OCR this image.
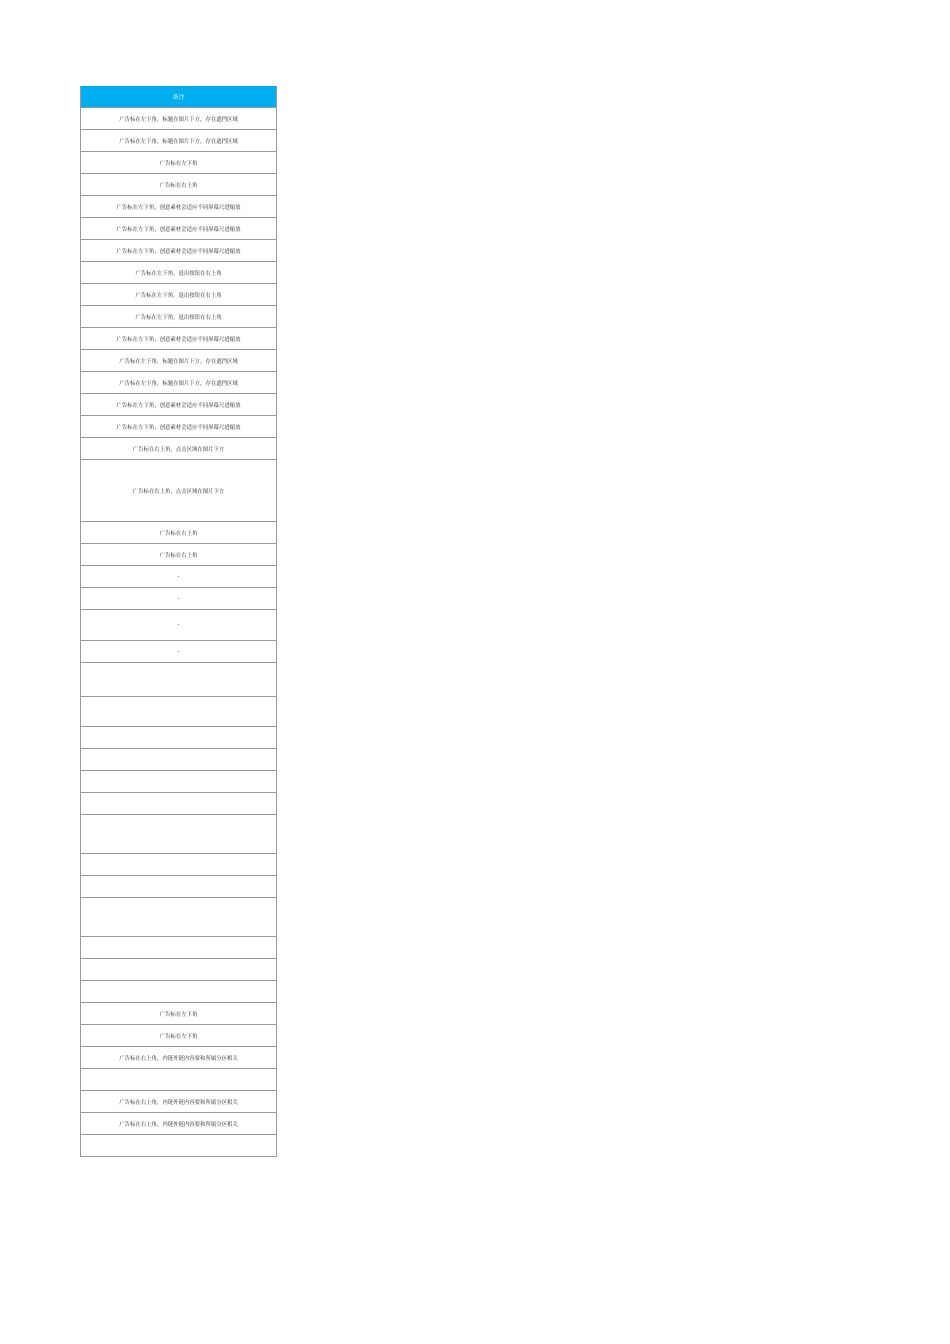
备注
广告标在左下角，标题在图片下方，存在遮挡区域
广告标在左下角，标题在图片下方，存在遮挡区域
广告标在左下角
广告标在右上角
广告标在左下角，创意素材会适应不同屏幕尺进缩放
广告标在左下角，创意素材会适应不同屏幕尺进缩放
广告标在左下角，创意素材会适应不同屏幕尺进缩放
广告标在左下角，退出按钮在右上角
广告标在左下角，退出按钮在右上角
广告标在左下角，退出按钮在右上角
广告标在左下角，创意素材会适应不同屏幕尺进缩放
广告标在左下角，标题在图片下方，存在遮挡区域
广告标在左下角，标题在图片下方，存在遮挡区域
广告标在左下角，创意素材会适应不同屏幕尺进缩放
广告标在左下角，创意素材会适应不同屏幕尺进缩放
广告标在右上角，点击区域在图片下方
广告标在右上角，点击区域在图片下方
广告标在右上角
广告标在右上角
-
-
-
-
广告标在左下角
广告标在左下角
广告标在右上角，内链外链内容要和所属分区相关
广告标在右上角，内链外链内容要和所属分区相关
广告标在右上角，内链外链内容要和所属分区相关
